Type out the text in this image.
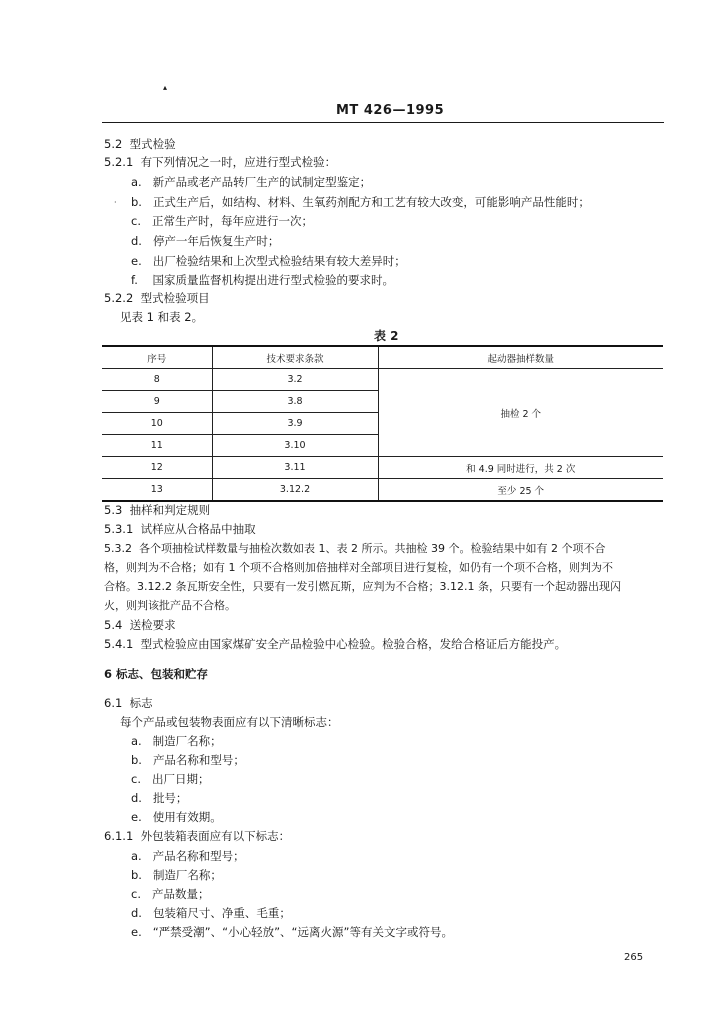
▴
MT 426—1995
5.2 型式检验
5.2.1 有下列情况之一时，应进行型式检验：
a. 新产品或老产品转厂生产的试制定型鉴定；
· b. 正式生产后，如结构、材料、生氧药剂配方和工艺有较大改变，可能影响产品性能时；
c. 正常生产时，每年应进行一次；
d. 停产一年后恢复生产时；
e. 出厂检验结果和上次型式检验结果有较大差异时；
f. 国家质量监督机构提出进行型式检验的要求时。
5.2.2 型式检验项目
见表 1 和表 2。
表 2
序号	技术要求条款	起动器抽样数量
8	3.2	抽检 2 个
9	3.8	
10	3.9	
11	3.10	
12	3.11	和 4.9 同时进行，共 2 次
13	3.12.2	至少 25 个
5.3 抽样和判定规则
5.3.1 试样应从合格品中抽取
5.3.2 各个项抽检试样数量与抽检次数如表 1、表 2 所示。共抽检 39 个。检验结果中如有 2 个项不合
格，则判为不合格；如有 1 个项不合格则加倍抽样对全部项目进行复检，如仍有一个项不合格，则判为不
合格。3.12.2 条瓦斯安全性，只要有一发引燃瓦斯，应判为不合格；3.12.1 条，只要有一个起动器出现闪
火，则判该批产品不合格。
5.4 送检要求
5.4.1 型式检验应由国家煤矿安全产品检验中心检验。检验合格，发给合格证后方能投产。
6 标志、包装和贮存
6.1 标志
每个产品或包装物表面应有以下清晰标志：
a. 制造厂名称；
b. 产品名称和型号；
c. 出厂日期；
d. 批号；
e. 使用有效期。
6.1.1 外包装箱表面应有以下标志：
a. 产品名称和型号；
b. 制造厂名称；
c. 产品数量；
d. 包装箱尺寸、净重、毛重；
e. “严禁受潮”、“小心轻放”、“远离火源”等有关文字或符号。
265
